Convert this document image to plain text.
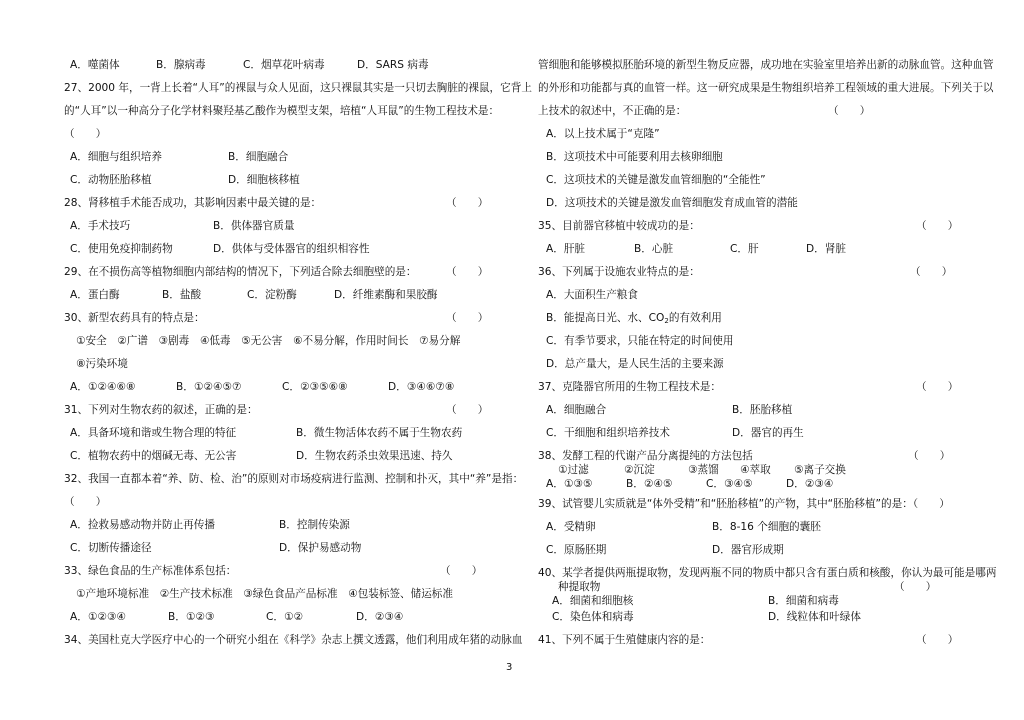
A．噬菌体	B．腺病毒	C．烟草花叶病毒	D．SARS 病毒
27、2000 年，一背上长着“人耳”的裸鼠与众人见面，这只裸鼠其实是一只切去胸脏的裸鼠，它背上
的“人耳”以一种高分子化学材料聚羟基乙酸作为模型支架，培植“人耳鼠”的生物工程技术是：
（　　）
A．细胞与组织培养	B．细胞融合
C．动物胚胎移植	D．细胞核移植
28、肾移植手术能否成功，其影响因素中最关键的是：	（　　）
A．手术技巧	B．供体器官质量
C．使用免疫抑制药物	D．供体与受体器官的组织相容性
29、在不损伤高等植物细胞内部结构的情况下，下列适合除去细胞壁的是：	（　　）
A．蛋白酶	B．盐酸	C．淀粉酶	D．纤维素酶和果胶酶
30、新型农药具有的特点是：	（　　）
①安全　②广谱　③剧毒　④低毒　⑤无公害　⑥不易分解，作用时间长　⑦易分解
⑧污染环境
A．①②④⑥⑧	B．①②④⑤⑦	C．②③⑤⑥⑧	D．③④⑥⑦⑧
31、下列对生物农药的叙述，正确的是：	（　　）
A．具备环境和谐或生物合理的特征	B．微生物活体农药不属于生物农药
C．植物农药中的烟碱无毒、无公害	D．生物农药杀虫效果迅速、持久
32、我国一直都本着“养、防、检、治”的原则对市场疫病进行监测、控制和扑灭，其中“养”是指：
（　　）
A．捡救易感动物并防止再传播	B．控制传染源
C．切断传播途径	D．保护易感动物
33、绿色食品的生产标准体系包括：	（　　）
①产地环境标准　②生产技术标准　③绿色食品产品标准　④包装标签、储运标准
A．①②③④	B．①②③	C．①②	D．②③④
34、美国杜克大学医疗中心的一个研究小组在《科学》杂志上撰文透露，他们利用成年猪的动脉血
管细胞和能够模拟胚胎环境的新型生物反应器，成功地在实验室里培养出新的动脉血管。这种血管
的外形和功能都与真的血管一样。这一研究成果是生物组织培养工程领域的重大进展。下列关于以
上技术的叙述中，不正确的是：	（　　）
A．以上技术属于“克隆”
B．这项技术中可能要利用去核卵细胞
C．这项技术的关键是激发血管细胞的“全能性”
D．这项技术的关键是激发血管细胞发育成血管的潜能
35、目前器官移植中较成功的是：	（　　）
A．肝脏	B．心脏	C．肝	D．肾脏
36、下列属于设施农业特点的是：	（　　）
A．大面积生产粮食
B．能提高日光、水、$CO_2$的有效利用
C．有季节要求，只能在特定的时间使用
D．总产量大，是人民生活的主要来源
37、克隆器官所用的生物工程技术是：	（　　）
A．细胞融合	B．胚胎移植
C．干细胞和组织培养技术	D．器官的再生
38、发酵工程的代谢产品分离提纯的方法包括	（　　）
①过滤	②沉淀	③蒸馏 ④萃取 ⑤离子交换
A．①③⑤	B．②④⑤	C．③④⑤	D．②③④
39、试管婴儿实质就是“体外受精”和“胚胎移植”的产物，其中“胚胎移植”的是：（　　）
A．受精卵	B．8-16 个细胞的囊胚
C．原肠胚期	D．器官形成期
40、某学者提供两瓶提取物，发现两瓶不同的物质中都只含有蛋白质和核酸，你认为最可能是哪两
种提取物	（　　）
A．细菌和细胞核	B．细菌和病毒
C．染色体和病毒	D．线粒体和叶绿体
41、下列不属于生殖健康内容的是：	（　　）
3
